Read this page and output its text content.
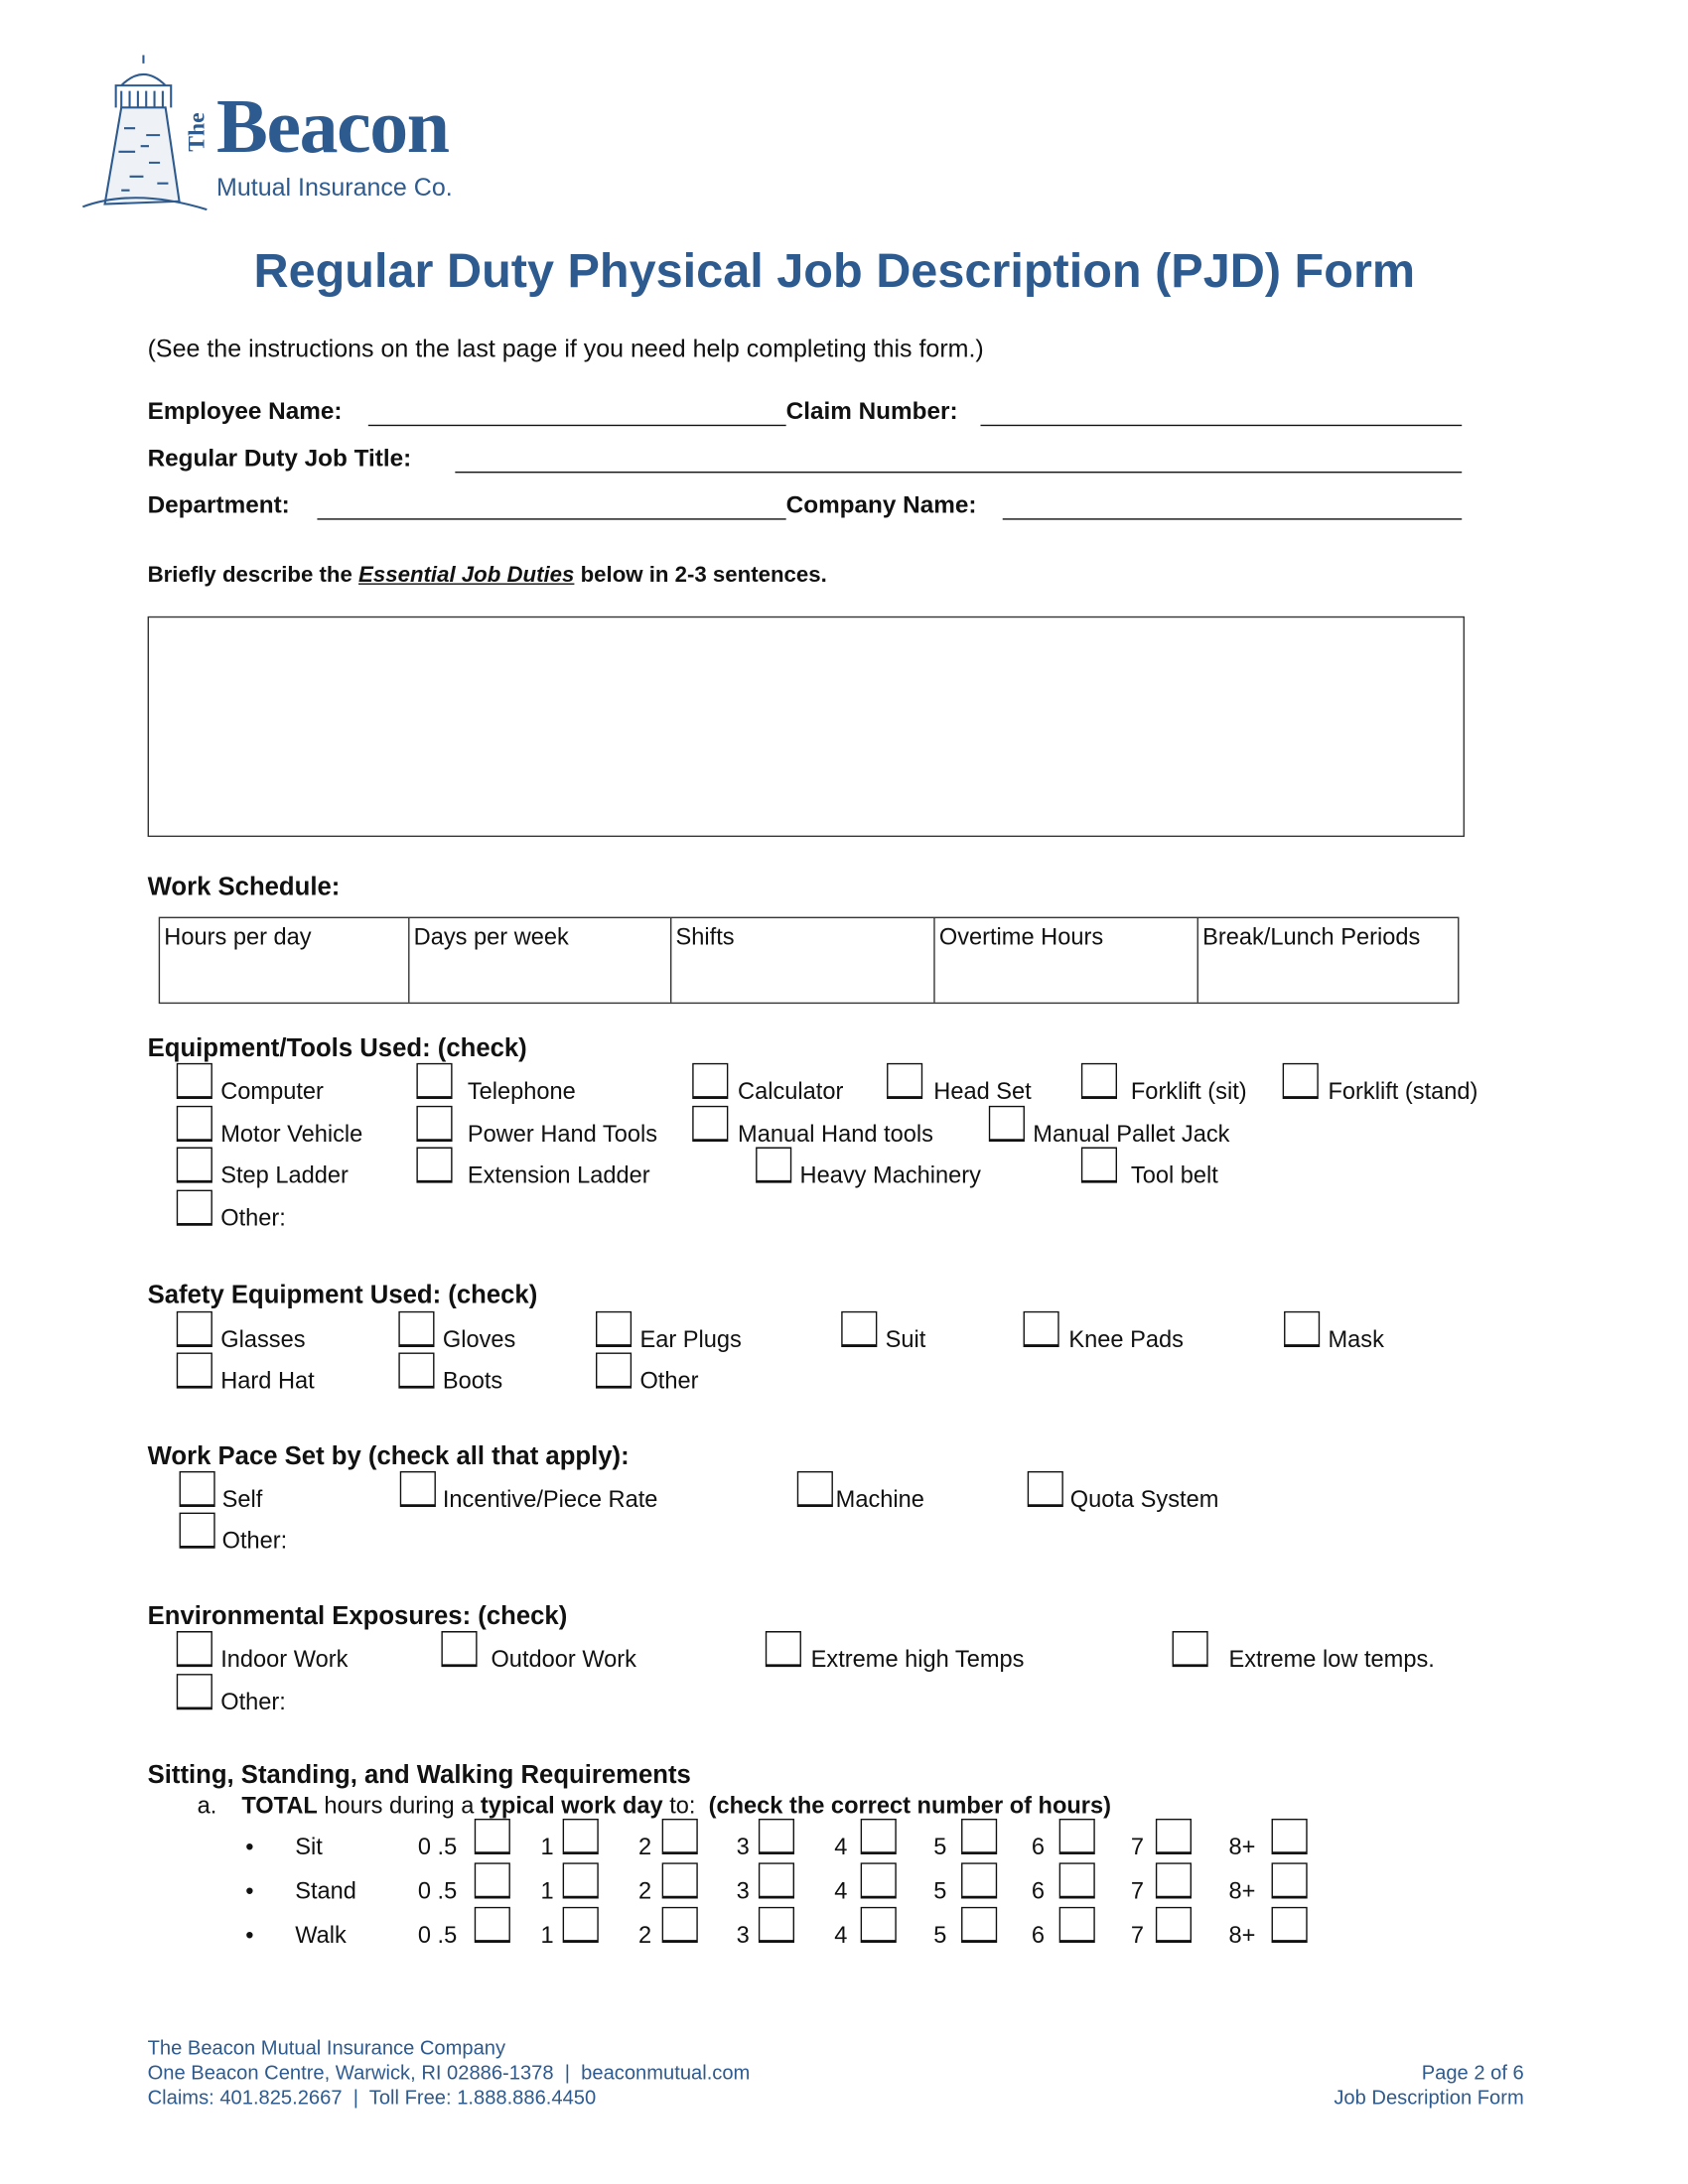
The Beacon
Mutual Insurance Co.
Regular Duty Physical Job Description (PJD) Form
(See the instructions on the last page if you need help completing this form.)
Employee Name:	Claim Number:
Regular Duty Job Title:
Department:	Company Name:
Briefly describe the Essential Job Duties below in 2-3 sentences.
Work Schedule:
Hours per day	Days per week	Shifts	Overtime Hours	Break/Lunch Periods
Equipment/Tools Used: (check)
Safety Equipment Used: (check)
Work Pace Set by (check all that apply):
Environmental Exposures: (check)
Sitting, Standing, and Walking Requirements
a. TOTAL hours during a typical work day to:  (check the correct number of hours)
Computer	Telephone	Calculator	Head Set	Forklift (sit)	Forklift (stand)
Motor Vehicle	Power Hand Tools	Manual Hand tools	Manual Pallet Jack
Step Ladder	Extension Ladder	Heavy Machinery	Tool belt
Other:
Glasses	Gloves	Ear Plugs	Suit	Knee Pads	Mask
Hard Hat	Boots	Other
Self	Incentive/Piece Rate	Machine	Quota System
Other:
Indoor Work	Outdoor Work	Extreme high Temps	Extreme low temps.
Other:
• Sit	0 .5	1	2	3	4	5	6	7	8+
• Stand	0 .5	1	2	3	4	5	6	7	8+
• Walk	0 .5	1	2	3	4	5	6	7	8+
The Beacon Mutual Insurance Company
One Beacon Centre, Warwick, RI 02886-1378  |  beaconmutual.com
Claims: 401.825.2667  |  Toll Free: 1.888.886.4450
Page 2 of 6
Job Description Form
